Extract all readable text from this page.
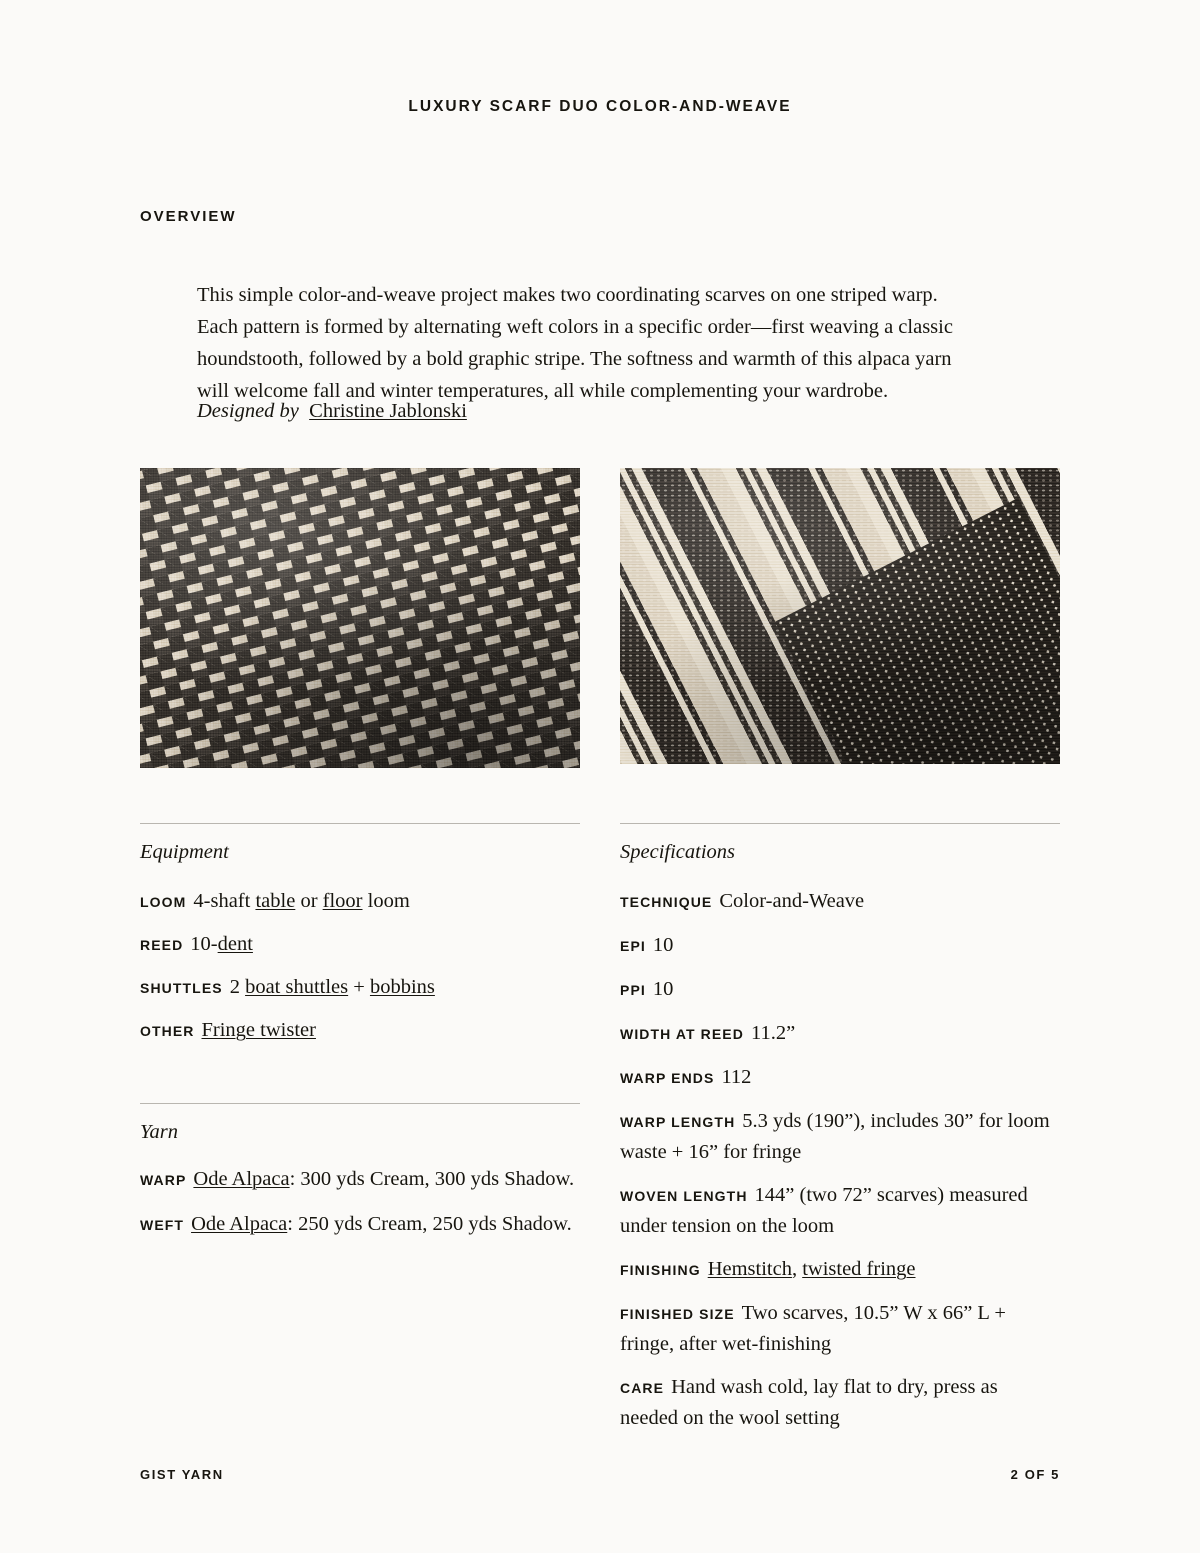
LUXURY SCARF DUO COLOR-AND-WEAVE
OVERVIEW

This simple color-and-weave project makes two coordinating scarves on one striped warp. Each pattern is formed by alternating weft colors in a specific order—first weaving a classic houndstooth, followed by a bold graphic stripe. The softness and warmth of this alpaca yarn will welcome fall and winter temperatures, all while complementing your wardrobe.

Designed by Christine Jablonski
Equipment
LOOM 4-shaft table or floor loom
REED 10-dent
SHUTTLES 2 boat shuttles + bobbins
OTHER Fringe twister
Yarn
WARP Ode Alpaca: 300 yds Cream, 300 yds Shadow.
WEFT Ode Alpaca: 250 yds Cream, 250 yds Shadow.
Specifications
TECHNIQUE Color-and-Weave
EPI 10
PPI 10
WIDTH AT REED 11.2”
WARP ENDS 112
WARP LENGTH 5.3 yds (190”), includes 30” for loom waste + 16” for fringe
WOVEN LENGTH 144” (two 72” scarves) measured under tension on the loom
FINISHING Hemstitch, twisted fringe
FINISHED SIZE Two scarves, 10.5” W x 66” L + fringe, after wet-finishing
CARE Hand wash cold, lay flat to dry, press as needed on the wool setting
GIST YARN	2 OF 5
